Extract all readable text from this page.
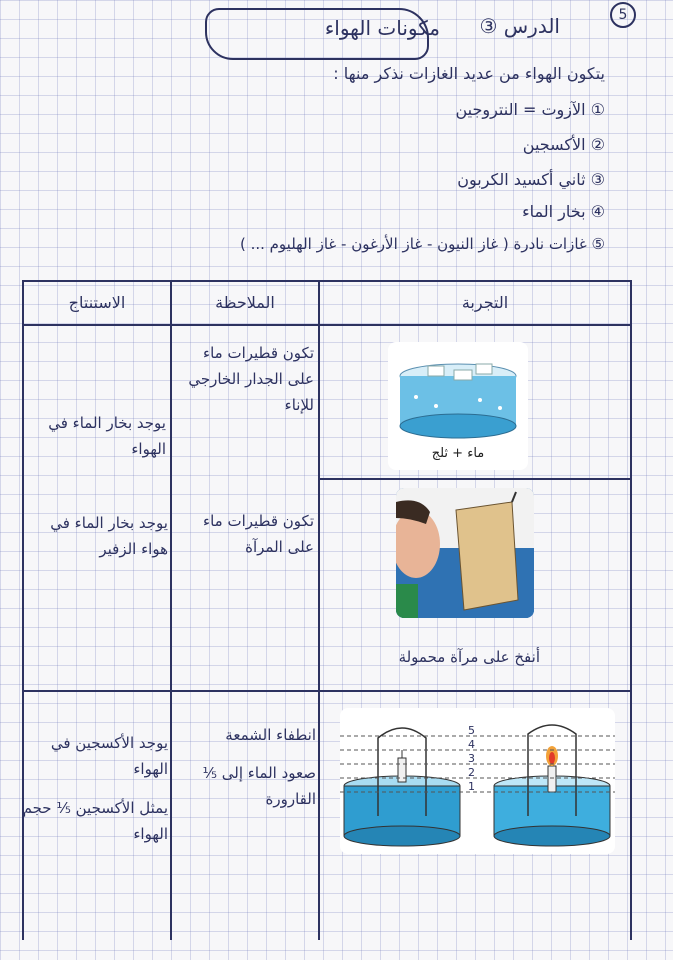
5
مكونات الهواء	الدرس ③
يتكون الهواء من عديد الغازات نذكر منها :
① الآزوت = النتروجين
② الأكسجين
③ ثاني أكسيد الكربون
④ بخار الماء
⑤ غازات نادرة ( غاز النيون - غاز الأرغون - غاز الهليوم ... )
التجربة
الملاحظة
الاستنتاج
ماء + ثلج
تكون قطيرات ماء على الجدار الخارجي للإناء
يوجد بخار الماء في الهواء
أنفخ على مرآة محمولة
تكون قطيرات ماء على المرآة
يوجد بخار الماء في هواء الزفير
5
4
3
2
1
انطفاء الشمعة
صعود الماء إلى ⅕ القارورة
يوجد الأكسجين في الهواء
يمثل الأكسجين ⅕ حجم الهواء
